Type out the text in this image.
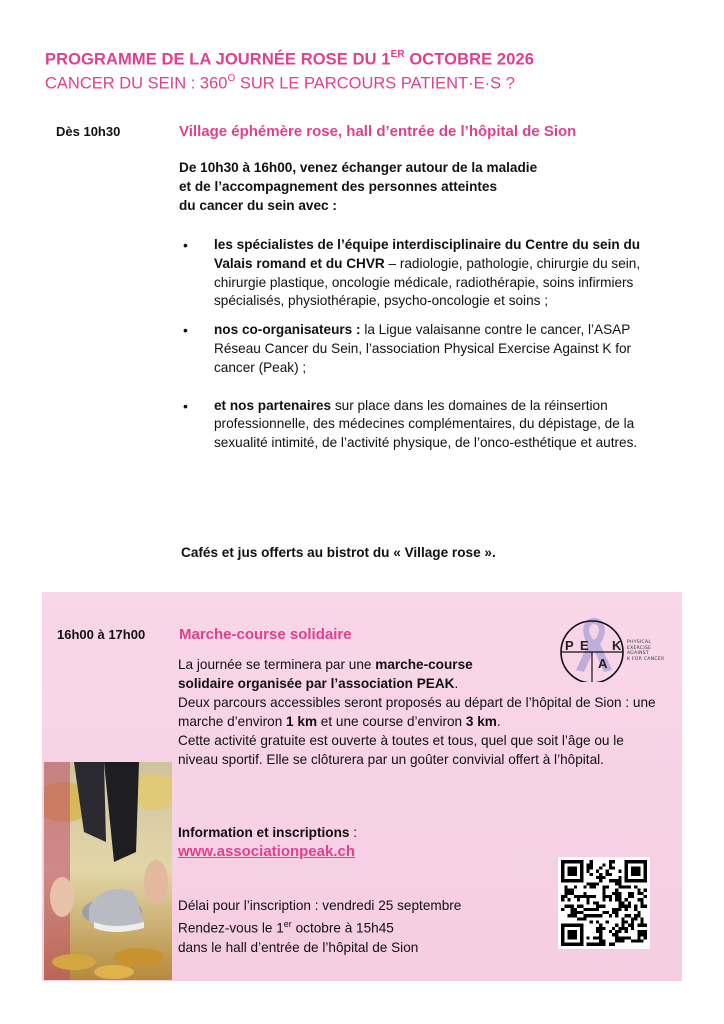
PROGRAMME DE LA JOURNÉE ROSE DU 1ER OCTOBRE 2026
CANCER DU SEIN : $360^O$ SUR LE PARCOURS PATIENT·E·S ?
Dès 10h30	Village éphémère rose, hall d’entrée de l’hôpital de Sion
De 10h30 à 16h00, venez échanger autour de la maladie
et de l’accompagnement des personnes atteintes
du cancer du sein avec :
• les spécialistes de l’équipe interdisciplinaire du Centre du sein du Valais romand et du CHVR – radiologie, pathologie, chirurgie du sein, chirurgie plastique, oncologie médicale, radiothérapie, soins infirmiers spécialisés, physiothérapie, psycho-oncologie et soins ;
• nos co-organisateurs : la Ligue valaisanne contre le cancer, l’ASAP Réseau Cancer du Sein, l’association Physical Exercise Against K for cancer (Peak) ;
• et nos partenaires sur place dans les domaines de la réinsertion professionnelle, des médecines complémentaires, du dépistage, de la sexualité intimité, de l’activité physique, de l’onco-esthétique et autres.
Cafés et jus offerts au bistrot du « Village rose ».
16h00 à 17h00 Marche-course solidaire
La journée se terminera par une marche-course solidaire organisée par l’association PEAK.
Deux parcours accessibles seront proposés au départ de l’hôpital de Sion : une marche d’environ 1 km et une course d’environ 3 km.
Cette activité gratuite est ouverte à toutes et tous, quel que soit l’âge ou le niveau sportif. Elle se clôturera par un goûter convivial offert à l’hôpital.
Information et inscriptions :
www.associationpeak.ch
Délai pour l’inscription : vendredi 25 septembre
Rendez-vous le 1er octobre à 15h45
dans le hall d’entrée de l’hôpital de Sion
P E
A
K PHYSICAL
EXERCISE
AGAINST
K FOR CANCER
